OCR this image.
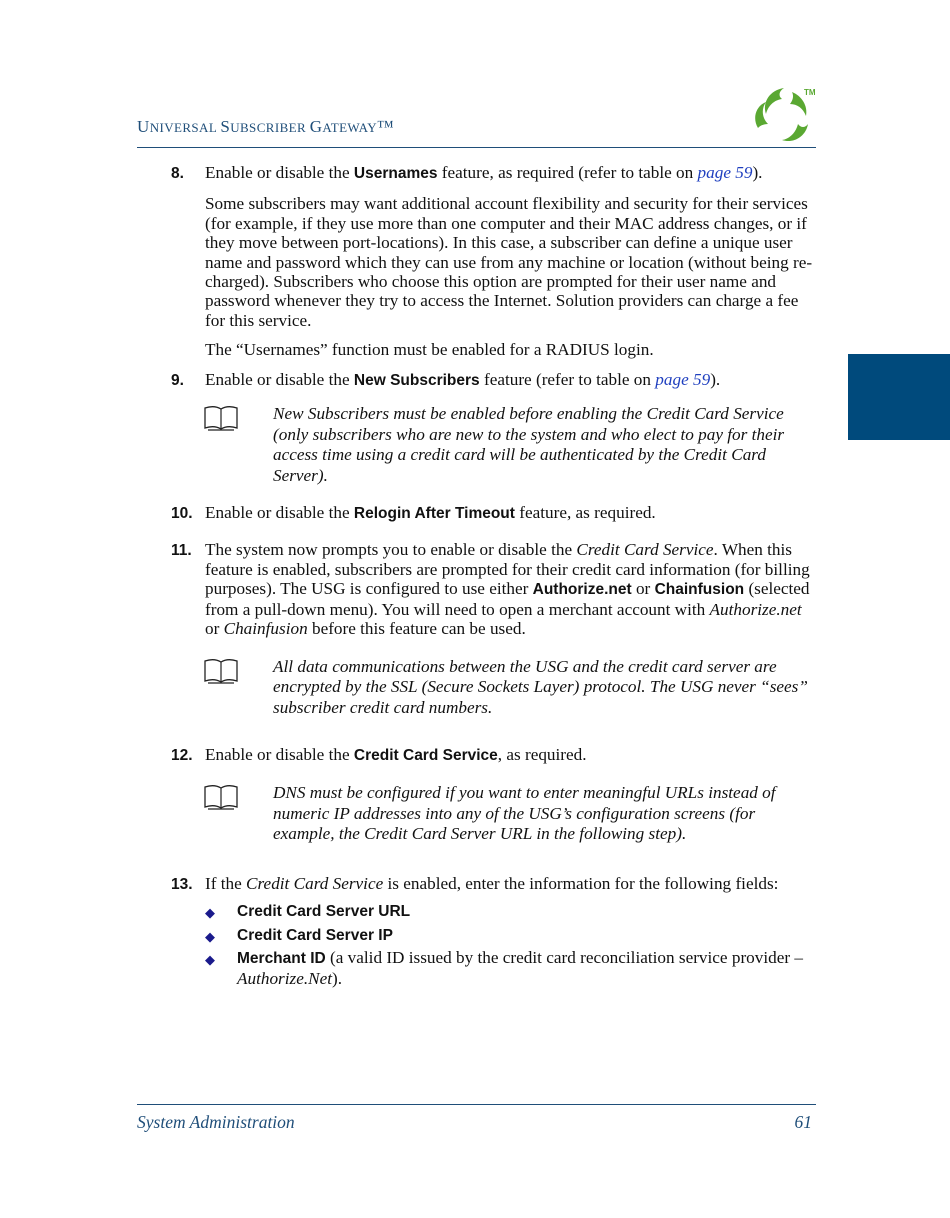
UNIVERSAL SUBSCRIBER GATEWAY™
TM
8. Enable or disable the Usernames feature, as required (refer to table on page 59).

Some subscribers may want additional account flexibility and security for their services (for example, if they use more than one computer and their MAC address changes, or if they move between port-locations). In this case, a subscriber can define a unique user name and password which they can use from any machine or location (without being re-charged). Subscribers who choose this option are prompted for their user name and password whenever they try to access the Internet. Solution providers can charge a fee for this service.

The “Usernames” function must be enabled for a RADIUS login.

9. Enable or disable the New Subscribers feature (refer to table on page 59).

New Subscribers must be enabled before enabling the Credit Card Service (only subscribers who are new to the system and who elect to pay for their access time using a credit card will be authenticated by the Credit Card Server).

10. Enable or disable the Relogin After Timeout feature, as required.

11. The system now prompts you to enable or disable the Credit Card Service. When this feature is enabled, subscribers are prompted for their credit card information (for billing purposes). The USG is configured to use either Authorize.net or Chainfusion (selected from a pull-down menu). You will need to open a merchant account with Authorize.net or Chainfusion before this feature can be used.

All data communications between the USG and the credit card server are encrypted by the SSL (Secure Sockets Layer) protocol. The USG never “sees” subscriber credit card numbers.

12. Enable or disable the Credit Card Service, as required.

DNS must be configured if you want to enter meaningful URLs instead of numeric IP addresses into any of the USG’s configuration screens (for example, the Credit Card Server URL in the following step).

13. If the Credit Card Service is enabled, enter the information for the following fields:

◆ Credit Card Server URL
◆ Credit Card Server IP
◆ Merchant ID (a valid ID issued by the credit card reconciliation service provider – Authorize.Net).
System Administration	61
